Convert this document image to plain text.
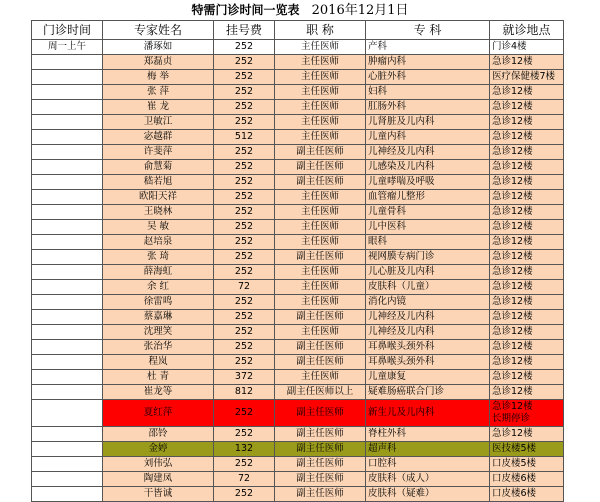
特需门诊时间一览表 2016年12月1日
门诊时间	专家姓名	挂号费	职 称	专 科	就诊地点
周一上午	潘琢如	252	主任医师	产科	门诊4楼

	郑磊贞	252	主任医师	肿瘤内科	急诊12楼

	梅 举	252	主任医师	心脏外科	医疗保健楼7楼

	张 萍	252	主任医师	妇科	急诊12楼

	崔 龙	252	主任医师	肛肠外科	急诊12楼

	卫敏江	252	主任医师	儿肾脏及儿内科	急诊12楼

	宓越群	512	主任医师	儿童内科	急诊12楼

	许斐萍	252	副主任医师	儿神经及儿内科	急诊12楼

	俞慧菊	252	副主任医师	儿感染及儿内科	急诊12楼

	嵇若旭	252	副主任医师	儿童哮喘及呼吸	急诊12楼

	欧阳天祥	252	主任医师	血管瘤儿整形	急诊12楼

	王晓林	252	主任医师	儿童骨科	急诊12楼

	吴 敏	252	主任医师	儿中医科	急诊12楼

	赵培泉	252	主任医师	眼科	急诊12楼

	张 琦	252	副主任医师	视网膜专病门诊	急诊12楼

	薛海虹	252	主任医师	儿心脏及儿内科	急诊12楼

	余 红	72	主任医师	皮肤科（儿童）	急诊12楼

	徐雷鸣	252	主任医师	消化内镜	急诊12楼

	蔡嘉琳	252	副主任医师	儿神经及儿内科	急诊12楼

	沈理笑	252	主任医师	儿神经及儿内科	急诊12楼

	张治华	252	副主任医师	耳鼻喉头颈外科	急诊12楼

	程岚	252	副主任医师	耳鼻喉头颈外科	急诊12楼

	杜 青	372	主任医师	儿童康复	急诊12楼

	崔龙等	812	副主任医师以上	疑难肠癌联合门诊	急诊12楼

	夏红萍	252	副主任医师	新生儿及儿内科	急诊12楼
长期停诊

	邵铃	252	副主任医师	脊柱外科	急诊12楼

	金婷	132	副主任医师	超声科	医技楼5楼

	刘伟弘	252	副主任医师	口腔科	口皮楼5楼

	陶建凤	72	副主任医师	皮肤科（成人）	口皮楼6楼

	干皆诚	252	副主任医师	皮肤科（疑难）	口皮楼6楼
